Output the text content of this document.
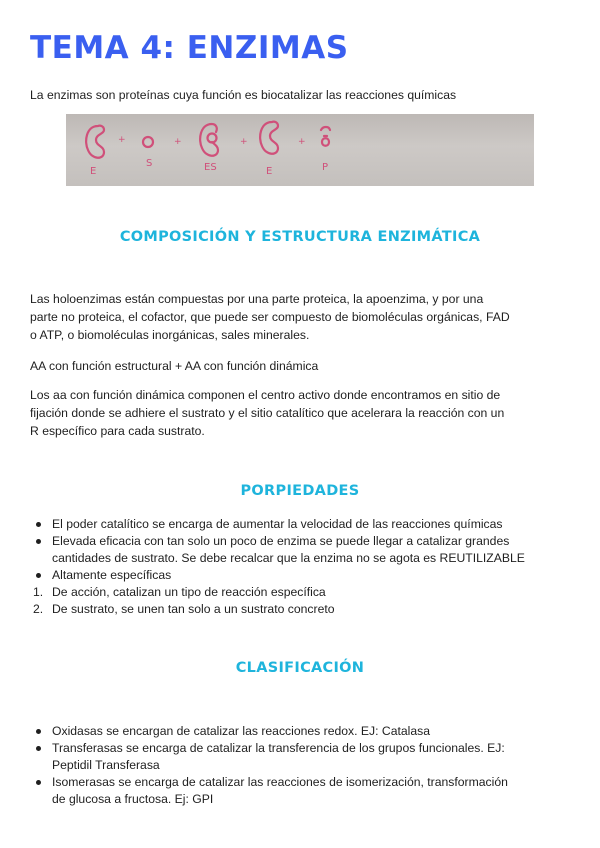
TEMA 4: ENZIMAS

La enzimas son proteínas cuya función es biocatalizar las reacciones químicas

+	+	+	+
E
S	ES	E	P
COMPOSICIÓN Y ESTRUCTURA ENZIMÁTICA

Las holoenzimas están compuestas por una parte proteica, la apoenzima, y por una
parte no proteica, el cofactor, que puede ser compuesto de biomoléculas orgánicas, FAD
o ATP, o biomoléculas inorgánicas, sales minerales.

AA con función estructural + AA con función dinámica

Los aa con función dinámica componen el centro activo donde encontramos en sitio de
fijación donde se adhiere el sustrato y el sitio catalítico que acelerara la reacción con un
R específico para cada sustrato.

PORPIEDADES
El poder catalítico se encarga de aumentar la velocidad de las reacciones químicas
Elevada eficacia con tan solo un poco de enzima se puede llegar a catalizar grandes
cantidades de sustrato. Se debe recalcar que la enzima no se agota es REUTILIZABLE
Altamente específicas
1. De acción, catalizan un tipo de reacción específica
2. De sustrato, se unen tan solo a un sustrato concreto
CLASIFICACIÓN
Oxidasas se encargan de catalizar las reacciones redox. EJ: Catalasa
Transferasas se encarga de catalizar la transferencia de los grupos funcionales. EJ:
Peptidil Transferasa
Isomerasas se encarga de catalizar las reacciones de isomerización, transformación
de glucosa a fructosa. Ej: GPI
